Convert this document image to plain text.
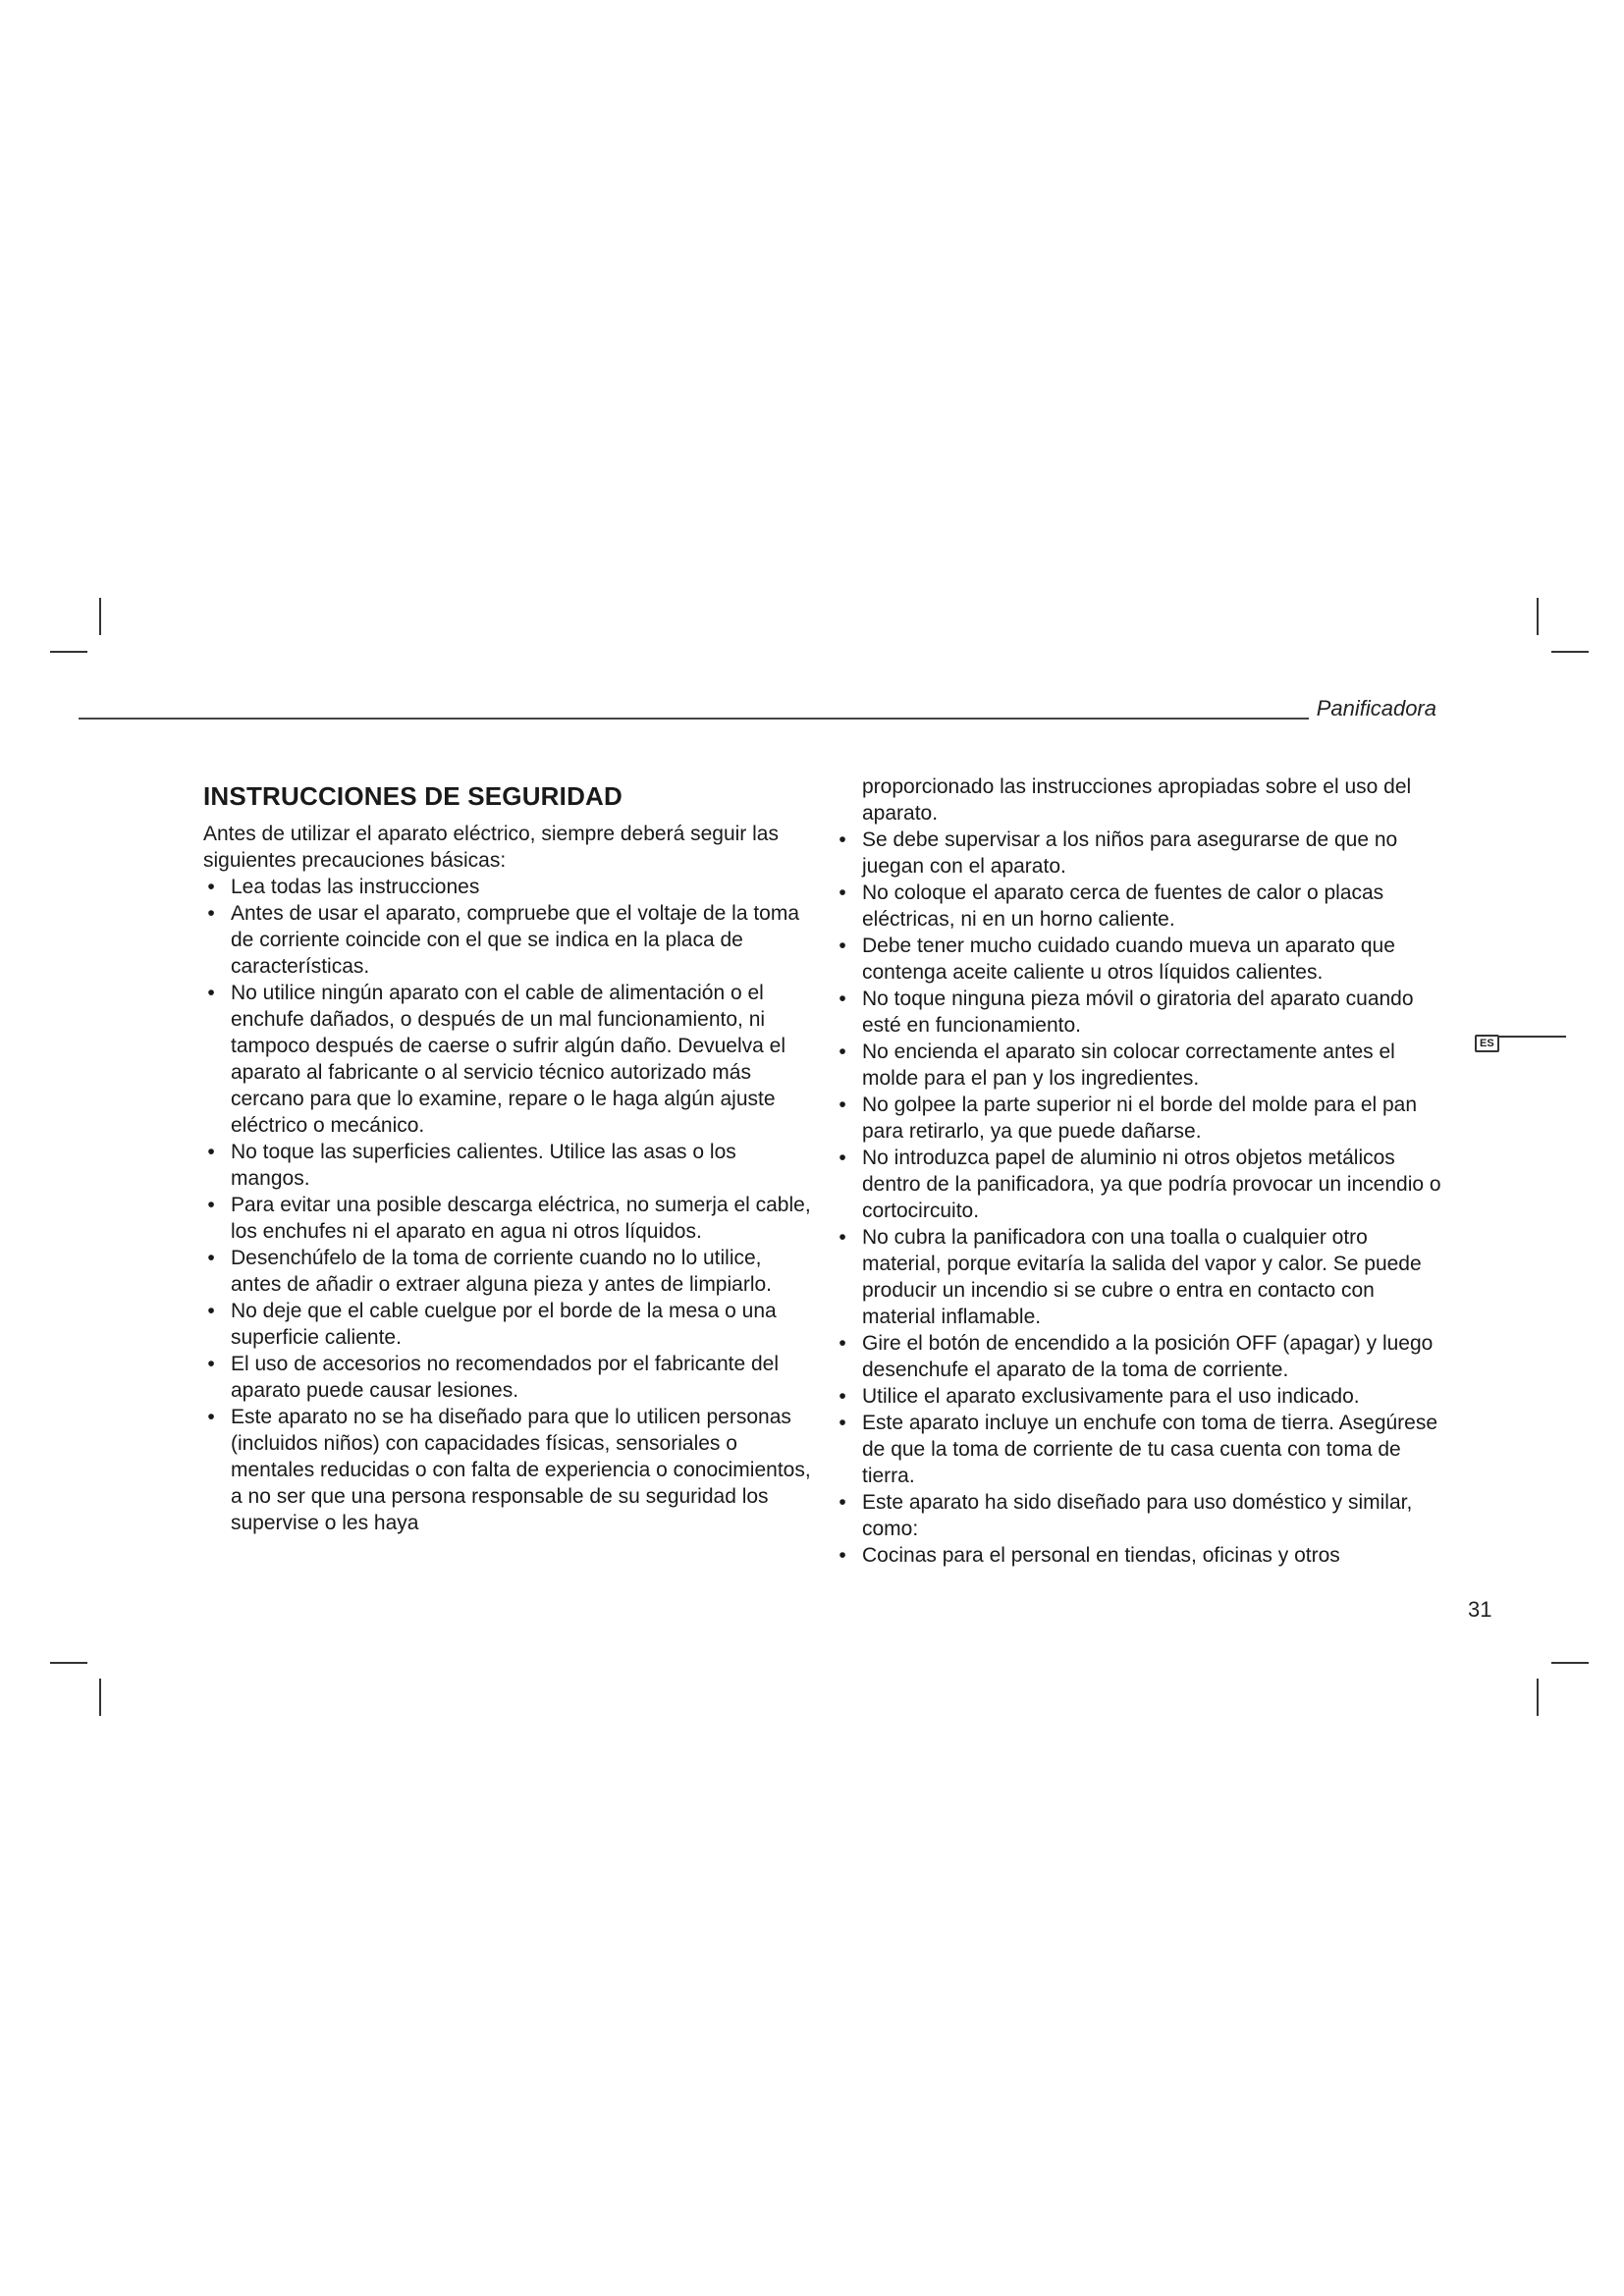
Panificadora
INSTRUCCIONES DE SEGURIDAD

Antes de utilizar el aparato eléctrico, siempre deberá seguir las siguientes precauciones básicas:

• Lea todas las instrucciones
• Antes de usar el aparato, compruebe que el voltaje de la toma de corriente coincide con el que se indica en la placa de características.
• No utilice ningún aparato con el cable de alimentación o el enchufe dañados, o después de un mal funcionamiento, ni tampoco después de caerse o sufrir algún daño. Devuelva el aparato al fabricante o al servicio técnico autorizado más cercano para que lo examine, repare o le haga algún ajuste eléctrico o mecánico.
• No toque las superficies calientes. Utilice las asas o los mangos.
• Para evitar una posible descarga eléctrica, no sumerja el cable, los enchufes ni el aparato en agua ni otros líquidos.
• Desenchúfelo de la toma de corriente cuando no lo utilice, antes de añadir o extraer alguna pieza y antes de limpiarlo.
• No deje que el cable cuelgue por el borde de la mesa o una superficie caliente.
• El uso de accesorios no recomendados por el fabricante del aparato puede causar lesiones.
• Este aparato no se ha diseñado para que lo utilicen personas (incluidos niños) con capacidades físicas, sensoriales o mentales reducidas o con falta de experiencia o conocimientos, a no ser que una persona responsable de su seguridad los supervise o les haya

proporcionado las instrucciones apropiadas sobre el uso del aparato.

• Se debe supervisar a los niños para asegurarse de que no juegan con el aparato.
• No coloque el aparato cerca de fuentes de calor o placas eléctricas, ni en un horno caliente.
• Debe tener mucho cuidado cuando mueva un aparato que contenga aceite caliente u otros líquidos calientes.
• No toque ninguna pieza móvil o giratoria del aparato cuando esté en funcionamiento.
• No encienda el aparato sin colocar correctamente antes el molde para el pan y los ingredientes.
• No golpee la parte superior ni el borde del molde para el pan para retirarlo, ya que puede dañarse.
• No introduzca papel de aluminio ni otros objetos metálicos dentro de la panificadora, ya que podría provocar un incendio o cortocircuito.
• No cubra la panificadora con una toalla o cualquier otro material, porque evitaría la salida del vapor y calor. Se puede producir un incendio si se cubre o entra en contacto con material inflamable.
• Gire el botón de encendido a la posición OFF (apagar) y luego desenchufe el aparato de la toma de corriente.
• Utilice el aparato exclusivamente para el uso indicado.
• Este aparato incluye un enchufe con toma de tierra. Asegúrese de que la toma de corriente de tu casa cuenta con toma de tierra.
• Este aparato ha sido diseñado para uso doméstico y similar, como:
• Cocinas para el personal en tiendas, oficinas y otros
ES
31
